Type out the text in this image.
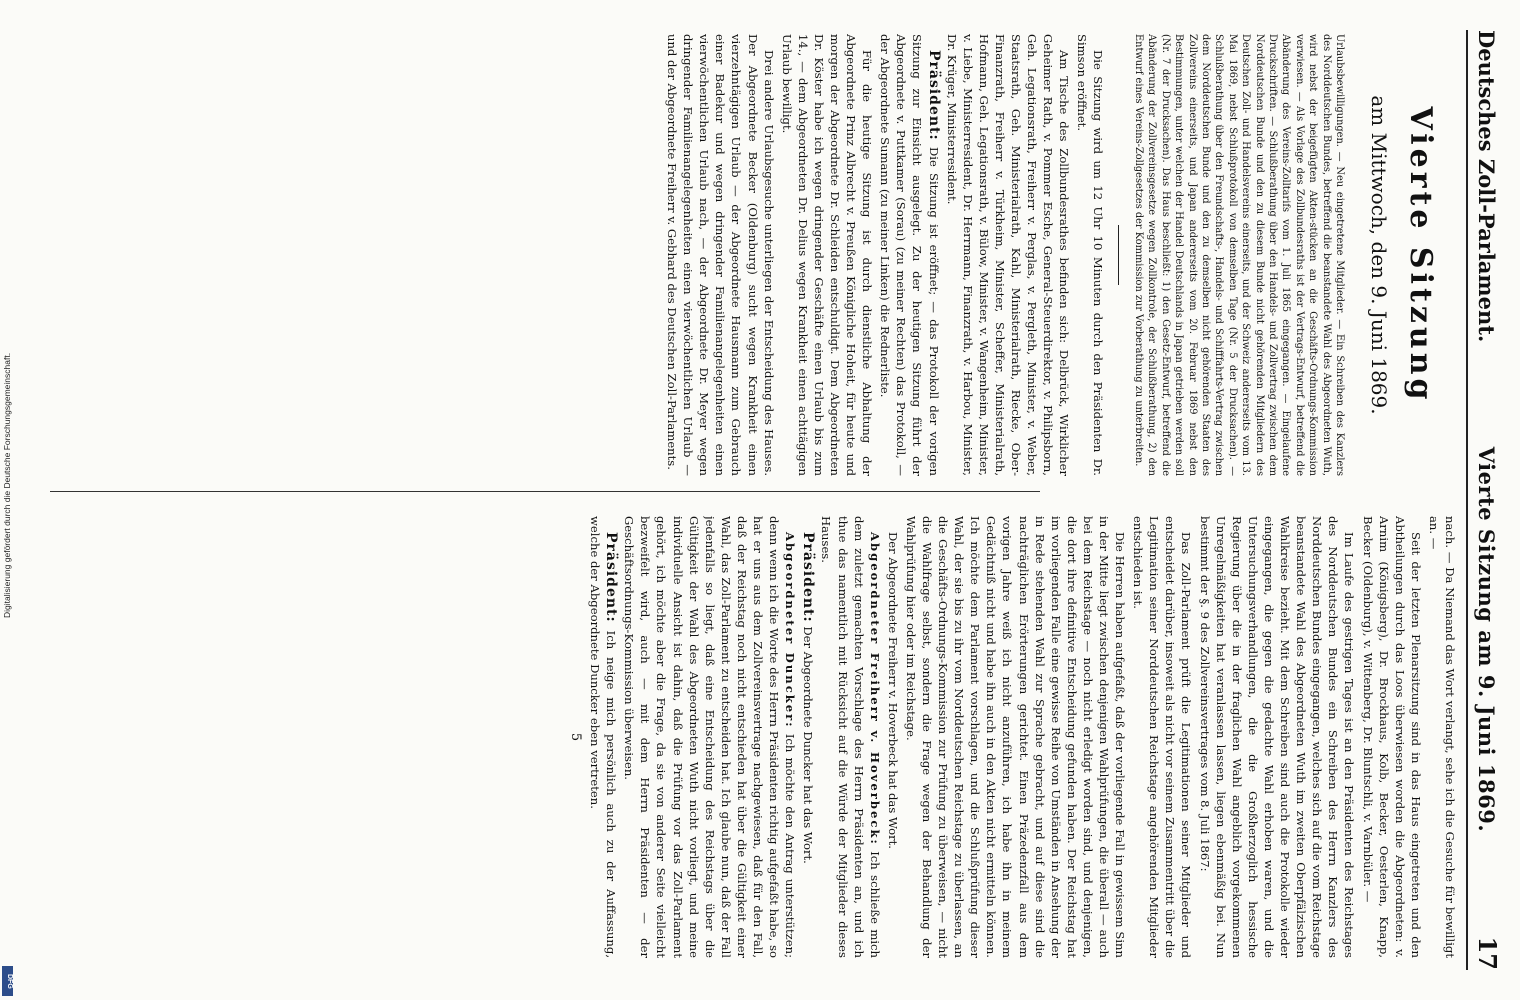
Deutsches Zoll-Parlament.
Vierte Sitzung am 9. Juni 1869.
17
Vierte Sitzung
am Mittwoch, den 9. Juni 1869.
Urlaubsbewilligungen. — Neu eingetretene Mitglieder. — Ein Schreiben des Kanzlers des Norddeutschen Bundes, betreffend die beanstandete Wahl des Abgeordneten Wuth, wird nebst der beigefügten Akten-stücken an die Geschäfts-Ordnungs-Kommission verwiesen. — Als Vorlage des Zollbundesraths ist der Vertrags-Entwurf, betreffend die Abänderung des Vereins-Zolltarifs vom 1. Juli 1865 eingegangen. — Eingelaufene Druckschriften. — Schlußberathung über den Handels- und Zollvertrag zwischen dem Norddeutschen Bunde und den zu diesem Bunde nicht gehörenden Mitgliedern des Deutschen Zoll- und Handelsvereins einerseits, und der Schweiz andererseits vom 13. Mai 1869, nebst Schlußprotokoll von demselben Tage (Nr. 5 der Drucksachen). — Schlußberathung über den Freundschafts-, Handels- und Schifffahrts-Vertrag zwischen dem Norddeutschen Bunde und den zu demselben nicht gehörenden Staaten des Zollvereins einerseits, und Japan andererseits vom 20. Februar 1869 nebst den Bestimmungen, unter welchen der Handel Deutschlands in Japan getrieben werden soll (Nr. 7 der Drucksachen). Das Haus beschließt: 1) den Gesetz-Entwurf, betreffend die Abänderung der Zollvereinsgesetze wegen Zollkontrole, der Schlußberathung, 2) den Entwurf eines Vereins-Zollgesetzes der Kommission zur Vorberathung zu unterbreiten.

Die Sitzung wird um 12 Uhr 10 Minuten durch den Präsidenten Dr. Simson eröffnet.

Am Tische des Zollbundesrathes befinden sich: Delbrück, Wirklicher Geheimer Rath, v. Pommer Esche, General-Steuerdirektor, v. Philipsborn, Geh. Legationsrath, Freiherr v. Perglas, v. Pergleth, Minister, v. Weber, Staatsrath, Geh. Ministerialrath, Kahl, Ministerialrath, Riecke, Ober-Finanzrath, Freiherr v. Türkheim, Minister, Scheffer, Ministerialrath, Hofmann, Geh. Legationsrath, v. Bülow, Minister, v. Wangenheim, Minister, v. Liebe, Ministerresident, Dr. Herrmann, Finanzrath, v. Harbou, Minister, Dr. Krüger, Ministerresident.

Präsident: Die Sitzung ist eröffnet; — das Protokoll der vorigen Sitzung zur Einsicht ausgelegt. Zu der heutigen Sitzung führt der Abgeordnete v. Puttkamer (Sorau) (zu meiner Rechten) das Protokoll, — der Abgeordnete Sumann (zu meiner Linken) die Rednerliste.

Für die heutige Sitzung ist durch dienstliche Abhaltung der Abgeordnete Prinz Albrecht v. Preußen Königliche Hoheit, für heute und morgen der Abgeordnete Dr. Schleiden entschuldigt. Dem Abgeordneten Dr. Köster habe ich wegen dringender Geschäfte einen Urlaub bis zum 14., — dem Abgeordneten Dr. Delius wegen Krankheit einen achttägigen Urlaub bewilligt.

Drei andere Urlaubsgesuche unterliegen der Entscheidung des Hauses. Der Abgeordnete Becker (Oldenburg) sucht wegen Krankheit einen vierzehntägigen Urlaub — der Abgeordnete Hausmann zum Gebrauch einer Badekur und wegen dringender Familienangelegenheiten einen vierwöchentlichen Urlaub nach, — der Abgeordnete Dr. Meyer wegen dringender Familienangelegenheiten einen vierwöchentlichen Urlaub — und der Abgeordnete Freiherr v. Gebhard des Deutschen Zoll-Parlaments.

nach. — Da Niemand das Wort verlangt, sehe ich die Gesuche für bewilligt an. —

Seit der letzten Plenarsitzung sind in das Haus eingetreten und den Abtheilungen durch das Loos überwiesen worden die Abgeordneten: v. Arnim (Königsberg), Dr. Brockhaus, Kolb, Becker, Oesterlen, Knapp, Becker (Oldenburg), v. Wittenberg, Dr. Bluntschli, v. Varnbüler. —

Im Laufe des gestrigen Tages ist an den Präsidenten des Reichstages des Norddeutschen Bundes ein Schreiben des Herrn Kanzlers des Norddeutschen Bundes eingegangen, welches sich auf die vom Reichstage beanstandete Wahl des Abgeordneten Wuth im zweiten Oberpfälzischen Wahlkreise bezieht. Mit dem Schreiben sind auch die Protokolle wieder eingegangen, die gegen die gedachte Wahl erhoben waren, und die Untersuchungsverhandlungen, die die Großherzoglich hessische Regierung über die in der fraglichen Wahl angeblich vorgekommenen Unregelmäßigkeiten hat veranlassen lassen, liegen ebenmäßig bei. Nun bestimmt der §. 9 des Zollvereinsvertrages vom 8. Juli 1867:

Das Zoll-Parlament prüft die Legitimationen seiner Mitglieder und entscheidet darüber, insoweit als nicht vor seinem Zusammentritt über die Legitimation seiner Norddeutschen Reichstage angehörenden Mitglieder entschieden ist.

Die Herren haben aufgefaßt, daß der vorliegende Fall in gewissem Sinn in der Mitte liegt zwischen denjenigen Wahlprüfungen, die überall — auch bei dem Reichstage — noch nicht erledigt worden sind, und denjenigen, die dort ihre definitive Entscheidung gefunden haben. Der Reichstag hat im vorliegenden Falle eine gewisse Reihe von Umständen in Ansehung der in Rede stehenden Wahl zur Sprache gebracht, und auf diese sind die nachträglichen Erörterungen gerichtet. Einen Präzedenzfall aus dem vorigen Jahre weiß ich nicht anzuführen, ich habe ihn in meinem Gedächtniß nicht und habe ihn auch in den Akten nicht ermitteln können. Ich möchte dem Parlament vorschlagen, und die Schlußprüfung dieser Wahl, der sie bis zu ihr vom Norddeutschen Reichstage zu überlassen, an die Geschäfts-Ordnungs-Kommission zur Prüfung zu überweisen, — nicht die Wahlfrage selbst, sondern die Frage wegen der Behandlung der Wahlprüfung hier oder im Reichstage.

Der Abgeordnete Freiherr v. Hoverbeck hat das Wort.

Abgeordneter Freiherr v. Hoverbeck: Ich schließe mich dem zuletzt gemachten Vorschlage des Herrn Präsidenten an, und ich thue das namentlich mit Rücksicht auf die Würde der Mitglieder dieses Hauses.

Präsident: Der Abgeordnete Duncker hat das Wort.

Abgeordneter Duncker: Ich möchte den Antrag unterstützen; denn wenn ich die Worte des Herrn Präsidenten richtig aufgefaßt habe, so hat er uns aus dem Zollvereinsvertrage nachgewiesen, daß für den Fall, daß der Reichstag noch nicht entschieden hat über die Gültigkeit einer Wahl, das Zoll-Parlament zu entscheiden hat. Ich glaube nun, daß der Fall jedenfalls so liegt, daß eine Entscheidung des Reichstags über die Gültigkeit der Wahl des Abgeordneten Wuth nicht vorliegt, und meine individuelle Ansicht ist dahin, daß die Prüfung vor das Zoll-Parlament gehört, ich möchte aber die Frage, da sie von anderer Seite vielleicht bezweifelt wird, auch — mit dem Herrn Präsidenten — der Geschäftsordnungs-Kommission überweisen.

Präsident: Ich neige mich persönlich auch zu der Auffassung, welche der Abgeordnete Duncker eben vertreten.

5
Digitalisierung gefördert durch die Deutsche Forschungsgemeinschaft.
DFG
